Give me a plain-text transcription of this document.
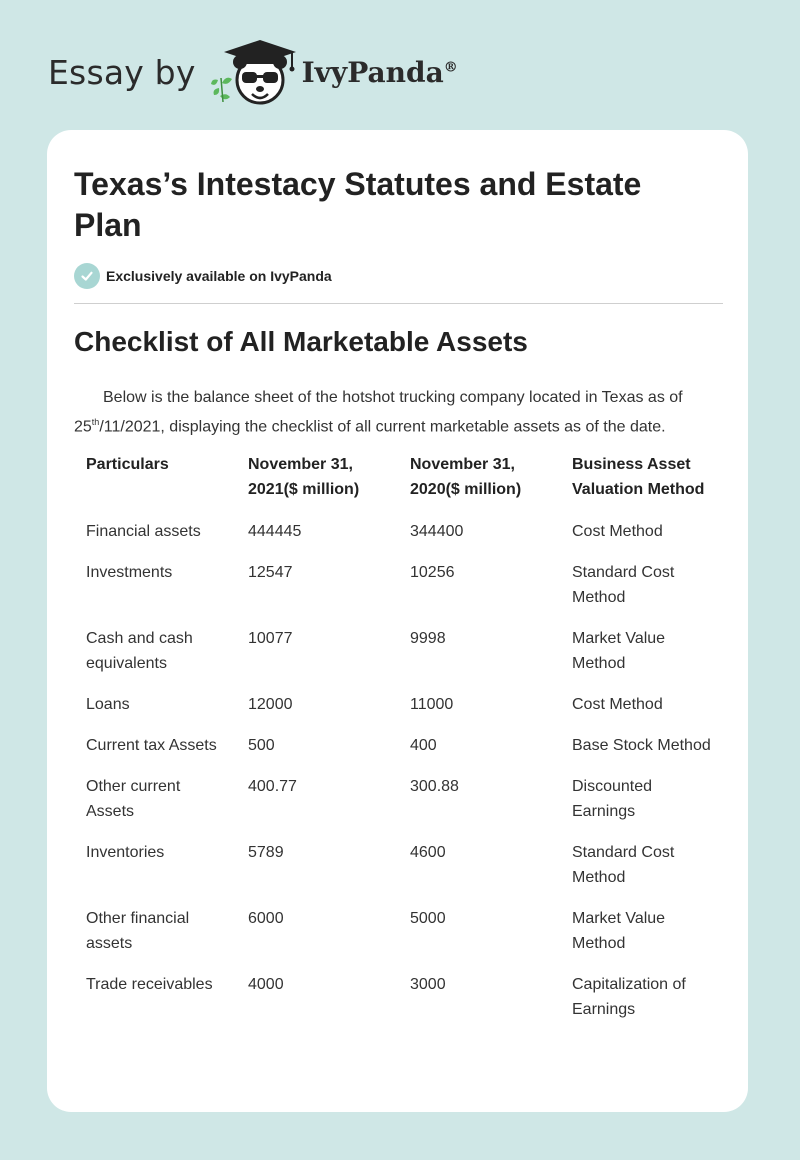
Essay by	IvyPanda®
Texas’s Intestacy Statutes and Estate Plan
Exclusively available on IvyPanda
Checklist of All Marketable Assets

Below is the balance sheet of the hotshot trucking company located in Texas as of 25th/11/2021, displaying the checklist of all current marketable assets as of the date.

Particulars	November 31, 2021($ million)	November 31, 2020($ million)	Business Asset Valuation Method
Financial assets	444445	344400	Cost Method
Investments	12547	10256	Standard Cost Method
Cash and cash equivalents	10077	9998	Market Value Method
Loans	12000	11000	Cost Method
Current tax Assets	500	400	Base Stock Method
Other current Assets	400.77	300.88	Discounted Earnings
Inventories	5789	4600	Standard Cost Method
Other financial assets	6000	5000	Market Value Method
Trade receivables	4000	3000	Capitalization of Earnings
